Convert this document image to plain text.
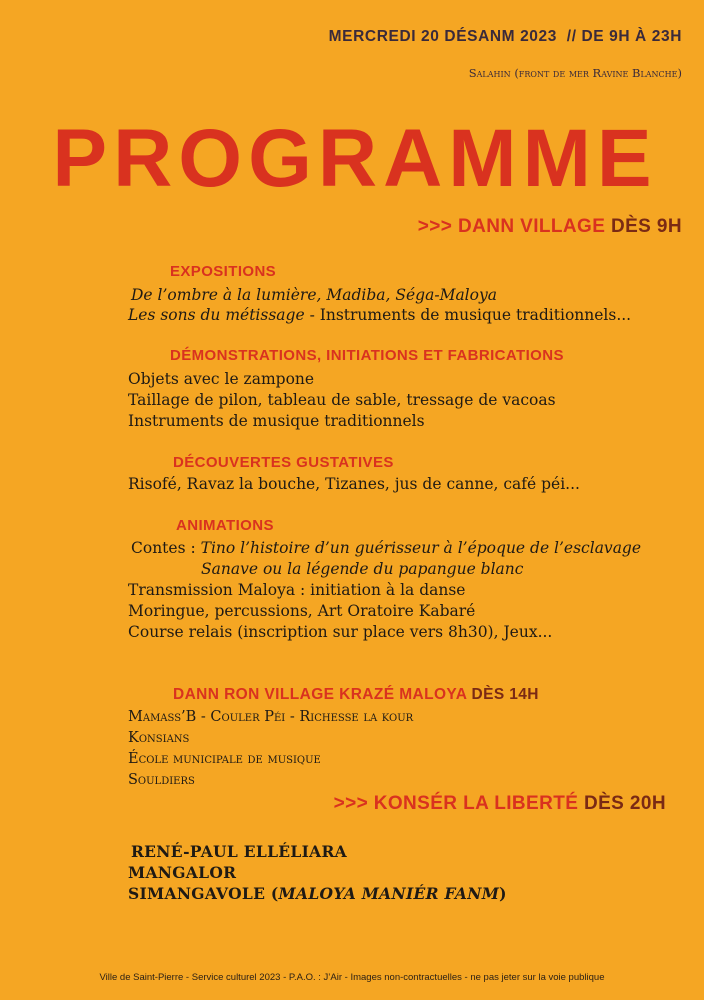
MERCREDI 20 DÉSANM 2023 // DE 9H À 23H
Salahin (front de mer Ravine Blanche)
PROGRAMME
>>> DANN VILLAGE DÈS 9H
EXPOSITIONS
De l’ombre à la lumière, Madiba, Séga-Maloya
Les sons du métissage - Instruments de musique traditionnels...
DÉMONSTRATIONS, INITIATIONS ET FABRICATIONS
Objets avec le zampone
Taillage de pilon, tableau de sable, tressage de vacoas
Instruments de musique traditionnels
DÉCOUVERTES GUSTATIVES
Risofé, Ravaz la bouche, Tizanes, jus de canne, café péi...
ANIMATIONS
Contes : Tino l’histoire d’un guérisseur à l’époque de l’esclavage
Sanave ou la légende du papangue blanc
Transmission Maloya : initiation à la danse
Moringue, percussions, Art Oratoire Kabaré
Course relais (inscription sur place vers 8h30), Jeux...
DANN RON VILLAGE KRAZÉ MALOYA DÈS 14H
Mamass’B - Couler Péi - Richesse la kour
Konsians
École municipale de musique
Souldiers
>>> KONSÉR LA LIBERTÉ DÈS 20H
RENÉ-PAUL ELLÉLIARA
MANGALOR
SIMANGAVOLE (MALOYA MANIÉR FANM)
Ville de Saint-Pierre - Service culturel 2023 - P.A.O. : J’Air - Images non-contractuelles - ne pas jeter sur la voie publique
